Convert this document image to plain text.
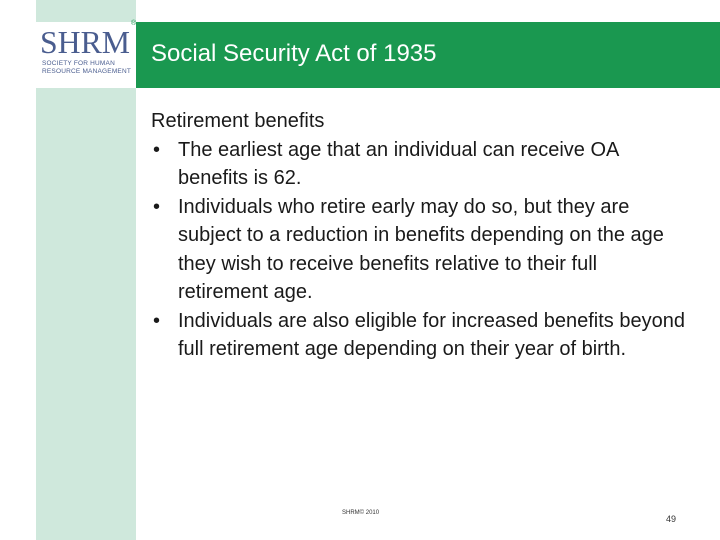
SHRM
SOCIETY FOR HUMAN
RESOURCE MANAGEMENT
®
Social Security Act of 1935

Retirement benefits

• The earliest age that an individual can receive OA benefits is 62.
• Individuals who retire early may do so, but they are subject to a reduction in benefits depending on the age they wish to receive benefits relative to their full retirement age.
• Individuals are also eligible for increased benefits beyond full retirement age depending on their year of birth.
SHRM© 2010
49
